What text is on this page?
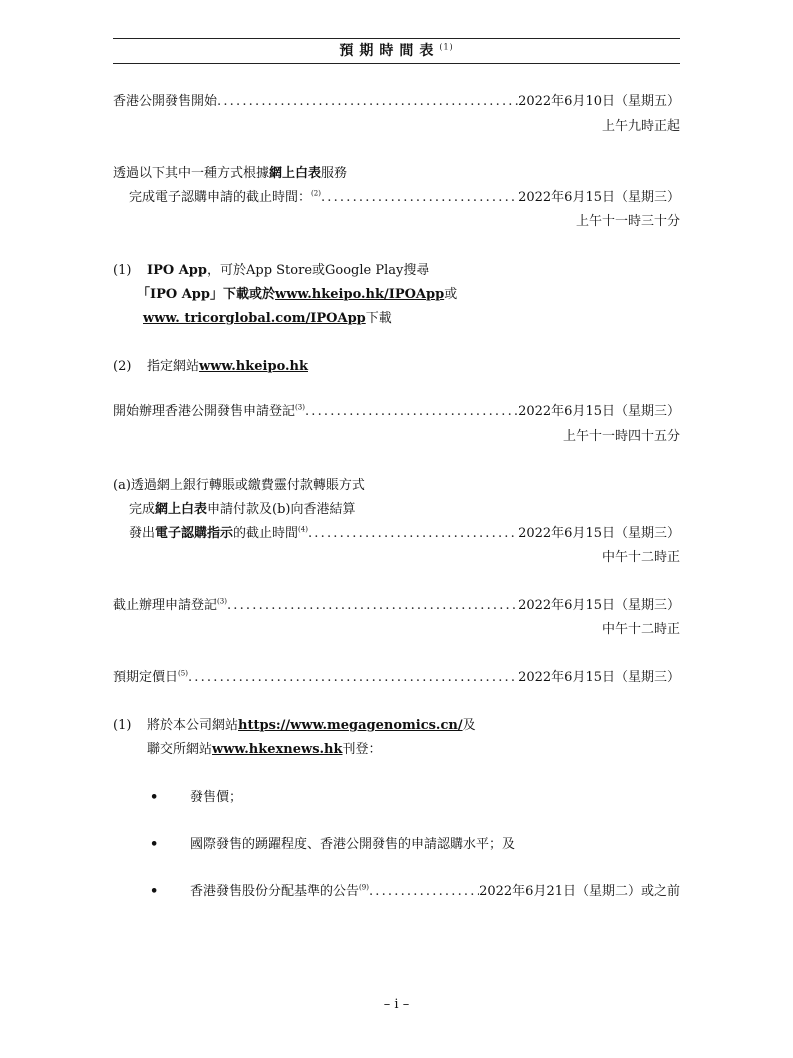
預期時間表$^{(1)}$
香港公開發售開始 .....	2022年6月10日（星期五）
上午九時正起
透過以下其中一種方式根據網上白表服務
完成電子認購申請的截止時間：$^{(2)}$ .....	2022年6月15日（星期三）
上午十一時三十分
(1) IPO App，可於App Store或Google Play搜尋
「IPO App」下載或於www.hkeipo.hk/IPOApp或
www. tricorglobal.com/IPOApp下載
(2) 指定網站www.hkeipo.hk
開始辦理香港公開發售申請登記$^{(3)}$ .....	2022年6月15日（星期三）
上午十一時四十五分
(a)透過網上銀行轉賬或繳費靈付款轉賬方式
完成網上白表申請付款及(b)向香港結算
發出電子認購指示的截止時間$^{(4)}$ .....	2022年6月15日（星期三）
中午十二時正
截止辦理申請登記$^{(3)}$ .....	2022年6月15日（星期三）
中午十二時正
預期定價日$^{(5)}$ .....	2022年6月15日（星期三）
(1) 將於本公司網站https://www.megagenomics.cn/及
聯交所網站www.hkexnews.hk刊登：
• 發售價；
• 國際發售的踴躍程度、香港公開發售的申請認購水平；及
• 香港發售股份分配基準的公告$^{(9)}$ .....	2022年6月21日（星期二）或之前
– i –
